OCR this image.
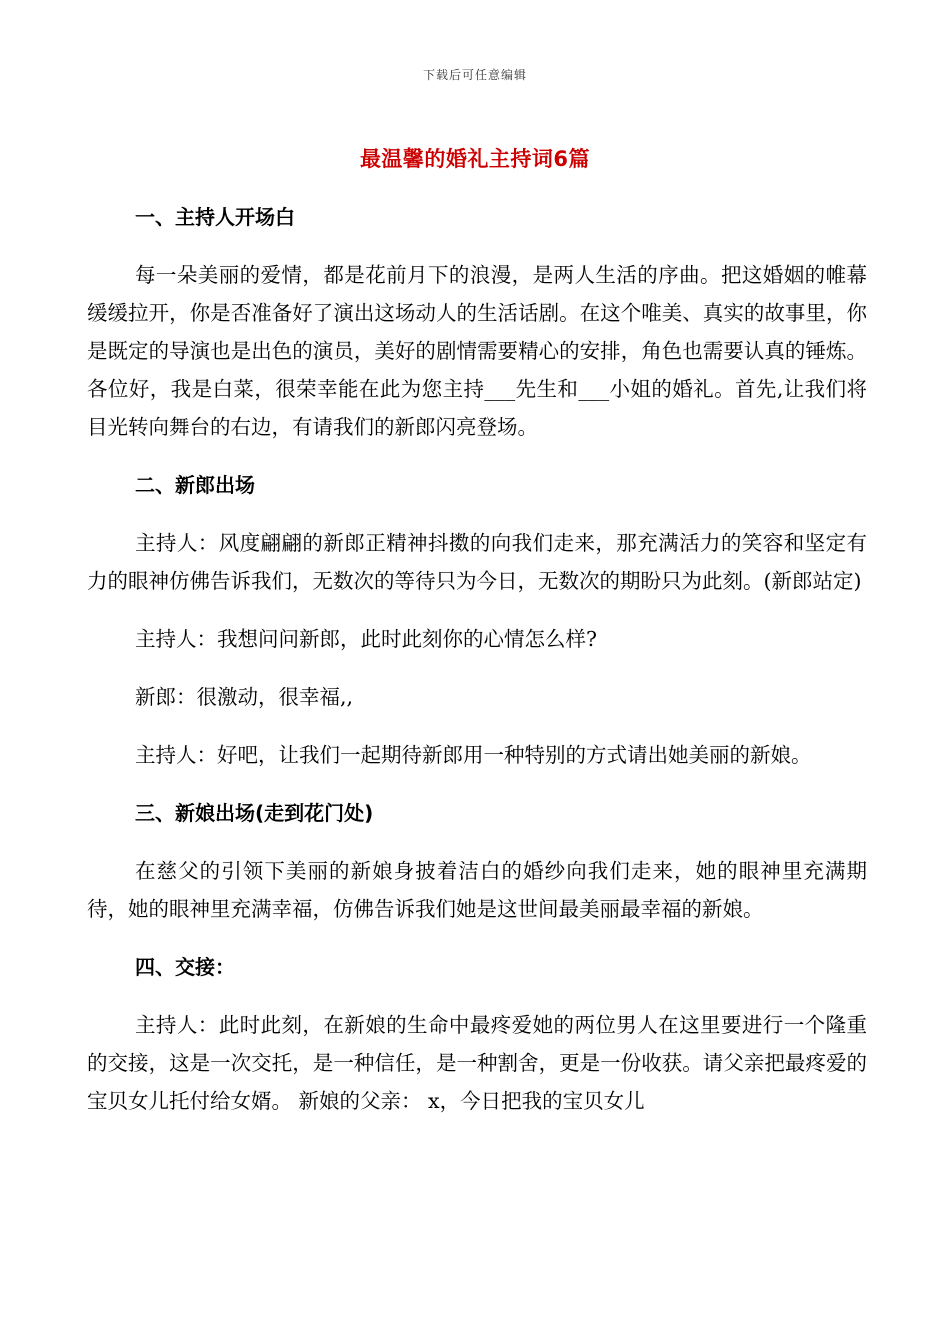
下载后可任意编辑
最温馨的婚礼主持词6篇
一、主持人开场白

每一朵美丽的爱情，都是花前月下的浪漫，是两人生活的序曲。把这婚姻的帷幕缓缓拉开，你是否准备好了演出这场动人的生活话剧。在这个唯美、真实的故事里，你是既定的导演也是出色的演员，美好的剧情需要精心的安排，角色也需要认真的锤炼。各位好，我是白菜，很荣幸能在此为您主持___先生和___小姐的婚礼。首先,让我们将目光转向舞台的右边，有请我们的新郎闪亮登场。

二、新郎出场

主持人：风度翩翩的新郎正精神抖擞的向我们走来，那充满活力的笑容和坚定有力的眼神仿佛告诉我们，无数次的等待只为今日，无数次的期盼只为此刻。(新郎站定)

主持人：我想问问新郎，此时此刻你的心情怎么样?

新郎：很激动，很幸福,,

主持人：好吧，让我们一起期待新郎用一种特别的方式请出她美丽的新娘。

三、新娘出场(走到花门处)

在慈父的引领下美丽的新娘身披着洁白的婚纱向我们走来，她的眼神里充满期待，她的眼神里充满幸福，仿佛告诉我们她是这世间最美丽最幸福的新娘。

四、交接：

主持人：此时此刻，在新娘的生命中最疼爱她的两位男人在这里要进行一个隆重的交接，这是一次交托，是一种信任，是一种割舍，更是一份收获。请父亲把最疼爱的宝贝女儿托付给女婿。 新娘的父亲： x，今日把我的宝贝女儿
